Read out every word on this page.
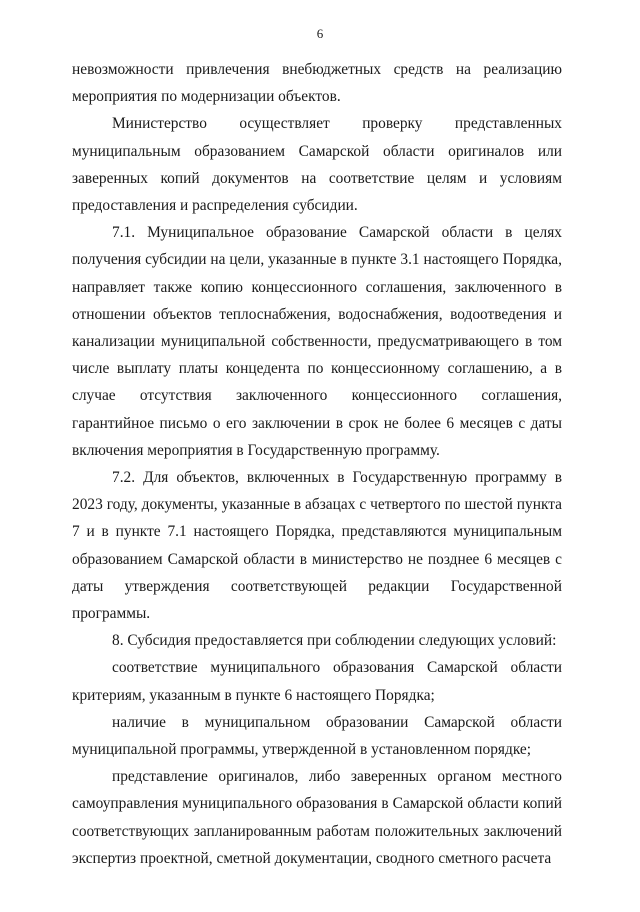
6

невозможности привлечения внебюджетных средств на реализацию мероприятия по модернизации объектов.

Министерство осуществляет проверку представленных муниципальным образованием Самарской области оригиналов или заверенных копий документов на соответствие целям и условиям предоставления и распределения субсидии.

7.1. Муниципальное образование Самарской области в целях получения субсидии на цели, указанные в пункте 3.1 настоящего Порядка, направляет также копию концессионного соглашения, заключенного в отношении объектов теплоснабжения, водоснабжения, водоотведения и канализации муниципальной собственности, предусматривающего в том числе выплату платы концедента по концессионному соглашению, а в случае отсутствия заключенного концессионного соглашения, гарантийное письмо о его заключении в срок не более 6 месяцев с даты включения мероприятия в Государственную программу.

7.2. Для объектов, включенных в Государственную программу в 2023 году, документы, указанные в абзацах с четвертого по шестой пункта 7 и в пункте 7.1 настоящего Порядка, представляются муниципальным образованием Самарской области в министерство не позднее 6 месяцев с даты утверждения соответствующей редакции Государственной программы.

8. Субсидия предоставляется при соблюдении следующих условий:

соответствие муниципального образования Самарской области критериям, указанным в пункте 6 настоящего Порядка;

наличие в муниципальном образовании Самарской области муниципальной программы, утвержденной в установленном порядке;

представление оригиналов, либо заверенных органом местного самоуправления муниципального образования в Самарской области копий соответствующих запланированным работам положительных заключений экспертиз проектной, сметной документации, сводного сметного расчета
